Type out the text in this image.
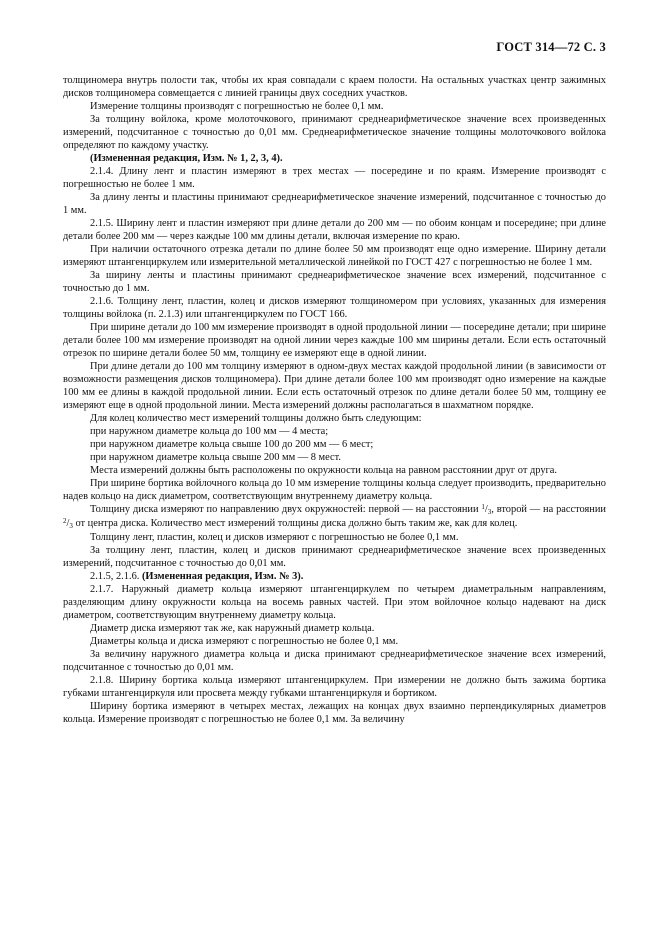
ГОСТ 314—72 С. 3

толщиномера внутрь полости так, чтобы их края совпадали с краем полости. На остальных участках центр зажимных дисков толщиномера совмещается с линией границы двух соседних участков.

Измерение толщины производят с погрешностью не более 0,1 мм.

За толщину войлока, кроме молоточкового, принимают среднеарифметическое значение всех произведенных измерений, подсчитанное с точностью до 0,01 мм. Среднеарифметическое значение толщины молоточкового войлока определяют по каждому участку.

(Измененная редакция, Изм. № 1, 2, 3, 4).

2.1.4. Длину лент и пластин измеряют в трех местах — посередине и по краям. Измерение производят с погрешностью не более 1 мм.

За длину ленты и пластины принимают среднеарифметическое значение измерений, подсчитанное с точностью до 1 мм.

2.1.5. Ширину лент и пластин измеряют при длине детали до 200 мм — по обоим концам и посередине; при длине детали более 200 мм — через каждые 100 мм длины детали, включая измерение по краю.

При наличии остаточного отрезка детали по длине более 50 мм производят еще одно измерение. Ширину детали измеряют штангенциркулем или измерительной металлической линейкой по ГОСТ 427 с погрешностью не более 1 мм.

За ширину ленты и пластины принимают среднеарифметическое значение всех измерений, подсчитанное с точностью до 1 мм.

2.1.6. Толщину лент, пластин, колец и дисков измеряют толщиномером при условиях, указанных для измерения толщины войлока (п. 2.1.3) или штангенциркулем по ГОСТ 166.

При ширине детали до 100 мм измерение производят в одной продольной линии — посередине детали; при ширине детали более 100 мм измерение производят на одной линии через каждые 100 мм ширины детали. Если есть остаточный отрезок по ширине детали более 50 мм, толщину ее измеряют еще в одной линии.

При длине детали до 100 мм толщину измеряют в одном-двух местах каждой продольной линии (в зависимости от возможности размещения дисков толщиномера). При длине детали более 100 мм производят одно измерение на каждые 100 мм ее длины в каждой продольной линии. Если есть остаточный отрезок по длине детали более 50 мм, толщину ее измеряют еще в одной продольной линии. Места измерений должны располагаться в шахматном порядке.

Для колец количество мест измерений толщины должно быть следующим:

при наружном диаметре кольца до 100 мм — 4 места;

при наружном диаметре кольца свыше 100 до 200 мм — 6 мест;

при наружном диаметре кольца свыше 200 мм — 8 мест.

Места измерений должны быть расположены по окружности кольца на равном расстоянии друг от друга.

При ширине бортика войлочного кольца до 10 мм измерение толщины кольца следует производить, предварительно надев кольцо на диск диаметром, соответствующим внутреннему диаметру кольца.

Толщину диска измеряют по направлению двух окружностей: первой — на расстоянии $^1$/3, второй — на расстоянии $^2$/3 от центра диска. Количество мест измерений толщины диска должно быть таким же, как для колец.

Толщину лент, пластин, колец и дисков измеряют с погрешностью не более 0,1 мм.

За толщину лент, пластин, колец и дисков принимают среднеарифметическое значение всех произведенных измерений, подсчитанное с точностью до 0,01 мм.

2.1.5, 2.1.6. (Измененная редакция, Изм. № 3).

2.1.7. Наружный диаметр кольца измеряют штангенциркулем по четырем диаметральным направлениям, разделяющим длину окружности кольца на восемь равных частей. При этом войлочное кольцо надевают на диск диаметром, соответствующим внутреннему диаметру кольца.

Диаметр диска измеряют так же, как наружный диаметр кольца.

Диаметры кольца и диска измеряют с погрешностью не более 0,1 мм.

За величину наружного диаметра кольца и диска принимают среднеарифметическое значение всех измерений, подсчитанное с точностью до 0,01 мм.

2.1.8. Ширину бортика кольца измеряют штангенциркулем. При измерении не должно быть зажима бортика губками штангенциркуля или просвета между губками штангенциркуля и бортиком.

Ширину бортика измеряют в четырех местах, лежащих на концах двух взаимно перпендикулярных диаметров кольца. Измерение производят с погрешностью не более 0,1 мм. За величину
